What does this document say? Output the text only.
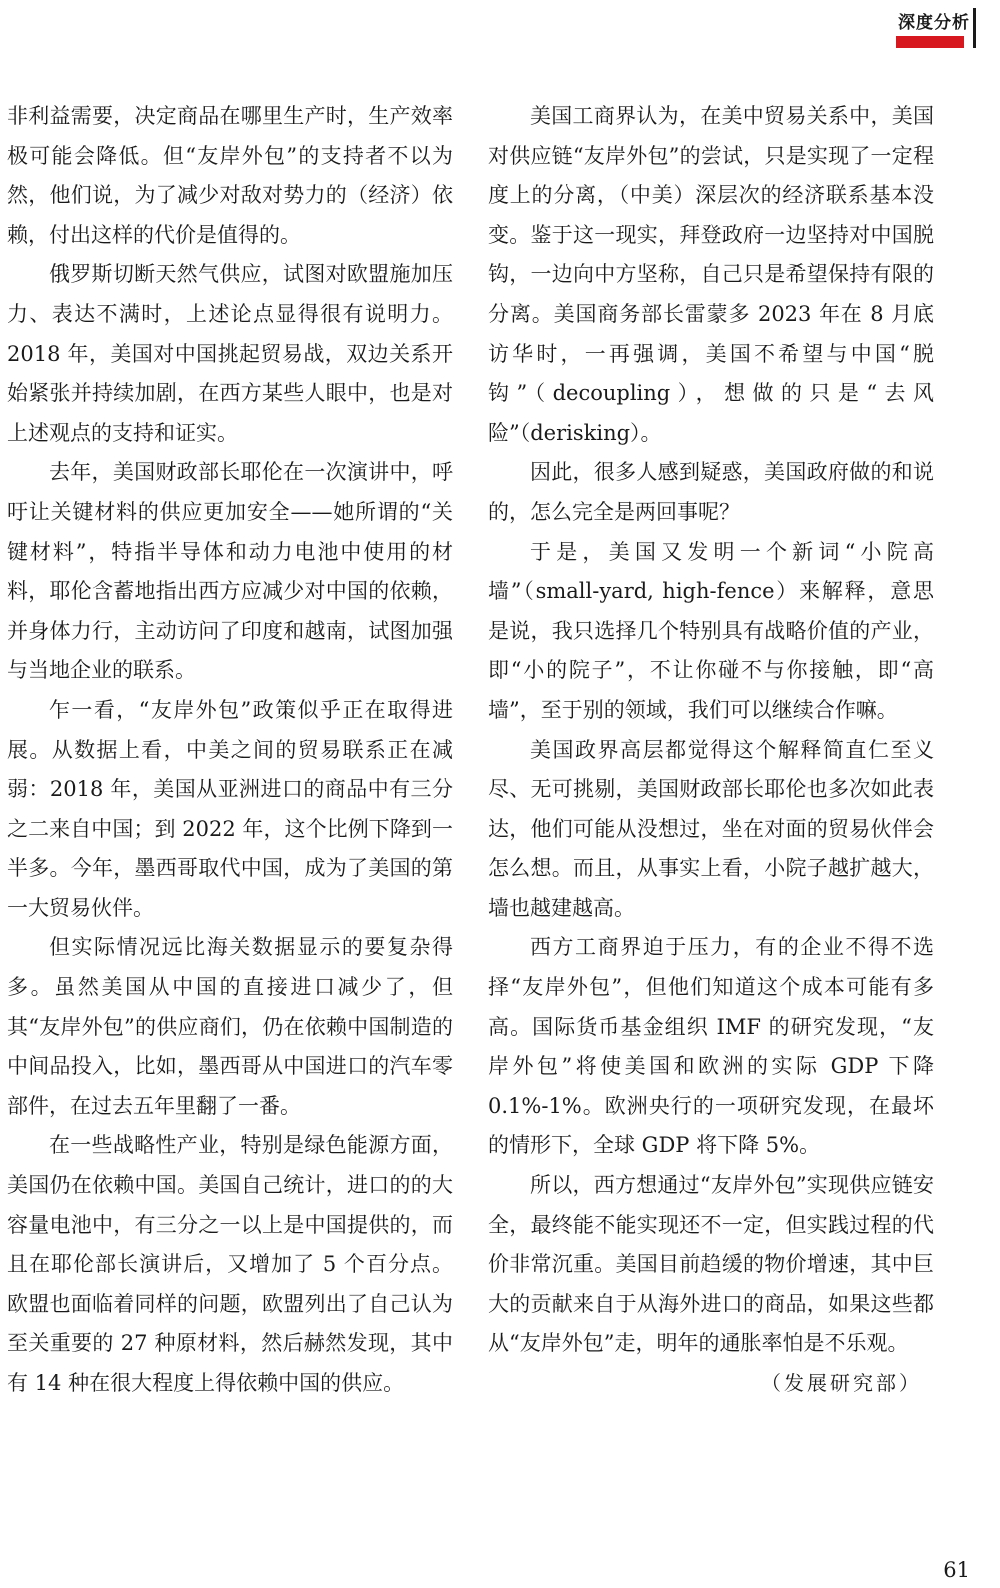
深度分析

非利益需要，决定商品在哪里生产时，生产效率极可能会降低。但“友岸外包”的支持者不以为然，他们说，为了减少对敌对势力的（经济）依赖，付出这样的代价是值得的。

俄罗斯切断天然气供应，试图对欧盟施加压力、表达不满时，上述论点显得很有说明力。2018 年，美国对中国挑起贸易战，双边关系开始紧张并持续加剧，在西方某些人眼中，也是对上述观点的支持和证实。

去年，美国财政部长耶伦在一次演讲中，呼吁让关键材料的供应更加安全——她所谓的“关键材料”，特指半导体和动力电池中使用的材料，耶伦含蓄地指出西方应减少对中国的依赖，并身体力行，主动访问了印度和越南，试图加强与当地企业的联系。

乍一看，“友岸外包”政策似乎正在取得进展。从数据上看，中美之间的贸易联系正在减弱：2018 年，美国从亚洲进口的商品中有三分之二来自中国；到 2022 年，这个比例下降到一半多。今年，墨西哥取代中国，成为了美国的第一大贸易伙伴。

但实际情况远比海关数据显示的要复杂得多。虽然美国从中国的直接进口减少了，但其“友岸外包”的供应商们，仍在依赖中国制造的中间品投入，比如，墨西哥从中国进口的汽车零部件，在过去五年里翻了一番。

在一些战略性产业，特别是绿色能源方面，美国仍在依赖中国。美国自己统计，进口的的大容量电池中，有三分之一以上是中国提供的，而且在耶伦部长演讲后，又增加了 5 个百分点。欧盟也面临着同样的问题，欧盟列出了自己认为至关重要的 27 种原材料，然后赫然发现，其中有 14 种在很大程度上得依赖中国的供应。

美国工商界认为，在美中贸易关系中，美国对供应链“友岸外包”的尝试，只是实现了一定程度上的分离，（中美）深层次的经济联系基本没变。鉴于这一现实，拜登政府一边坚持对中国脱钩，一边向中方坚称，自己只是希望保持有限的分离。美国商务部长雷蒙多 2023 年在 8 月底访华时，一再强调，美国不希望与中国“脱钩”（decoupling），想做的只是“去风险”（derisking）。

因此，很多人感到疑惑，美国政府做的和说的，怎么完全是两回事呢？

于是，美国又发明一个新词“小院高墙”（small-yard, high-fence）来解释，意思是说，我只选择几个特别具有战略价值的产业，即“小的院子”，不让你碰不与你接触，即“高墙”，至于别的领域，我们可以继续合作嘛。

美国政界高层都觉得这个解释简直仁至义尽、无可挑剔，美国财政部长耶伦也多次如此表达，他们可能从没想过，坐在对面的贸易伙伴会怎么想。而且，从事实上看，小院子越扩越大，墙也越建越高。

西方工商界迫于压力，有的企业不得不选择“友岸外包”，但他们知道这个成本可能有多高。国际货币基金组织 IMF 的研究发现，“友岸外包”将使美国和欧洲的实际 GDP 下降 0.1%-1%。欧洲央行的一项研究发现，在最坏的情形下，全球 GDP 将下降 5%。

所以，西方想通过“友岸外包”实现供应链安全，最终能不能实现还不一定，但实践过程的代价非常沉重。美国目前趋缓的物价增速，其中巨大的贡献来自于从海外进口的商品，如果这些都从“友岸外包”走，明年的通胀率怕是不乐观。

（发展研究部）

61
